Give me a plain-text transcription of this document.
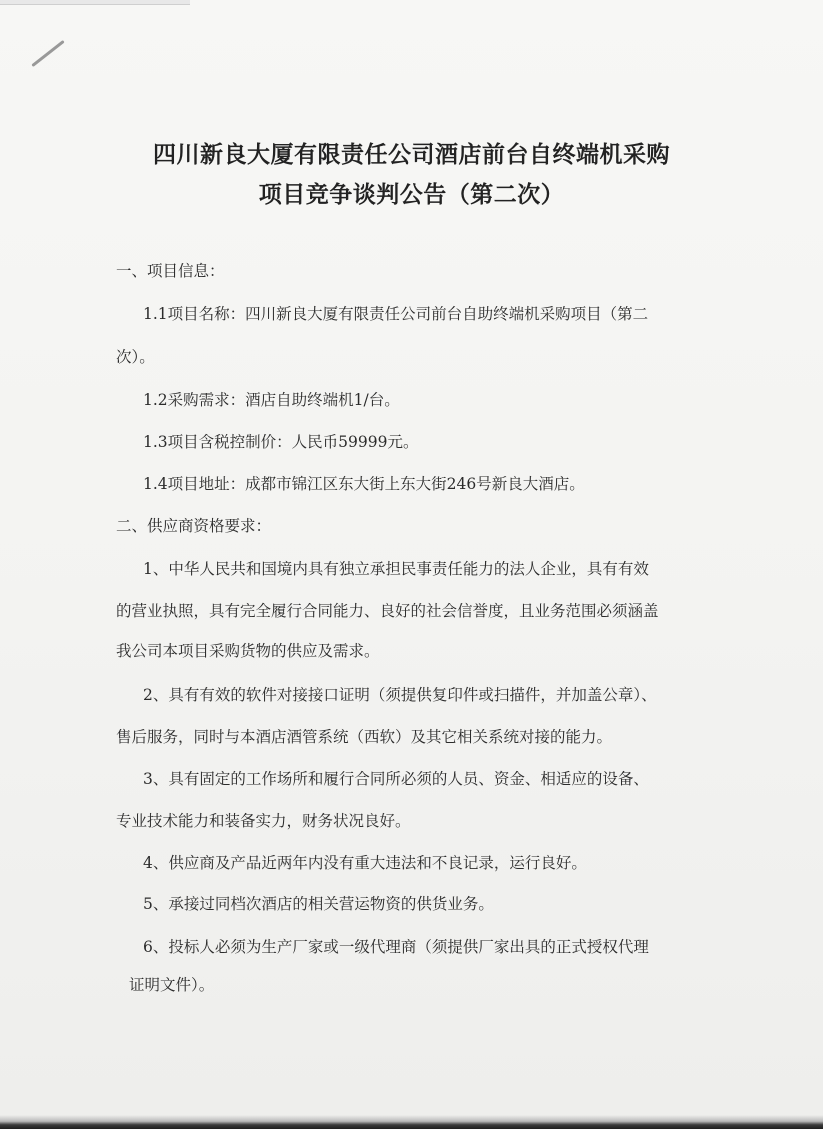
四川新良大厦有限责任公司酒店前台自终端机采购
项目竞争谈判公告（第二次）
一、项目信息：
1.1项目名称：四川新良大厦有限责任公司前台自助终端机采购项目（第二
次）。
1.2采购需求：酒店自助终端机1/台。
1.3项目含税控制价：人民币59999元。
1.4项目地址：成都市锦江区东大街上东大街246号新良大酒店。
二、供应商资格要求：
1、中华人民共和国境内具有独立承担民事责任能力的法人企业，具有有效
的营业执照，具有完全履行合同能力、良好的社会信誉度，且业务范围必须涵盖
我公司本项目采购货物的供应及需求。
2、具有有效的软件对接接口证明（须提供复印件或扫描件，并加盖公章）、
售后服务，同时与本酒店酒管系统（西软）及其它相关系统对接的能力。
3、具有固定的工作场所和履行合同所必须的人员、资金、相适应的设备、
专业技术能力和装备实力，财务状况良好。
4、供应商及产品近两年内没有重大违法和不良记录，运行良好。
5、承接过同档次酒店的相关营运物资的供货业务。
6、投标人必须为生产厂家或一级代理商（须提供厂家出具的正式授权代理
证明文件）。
